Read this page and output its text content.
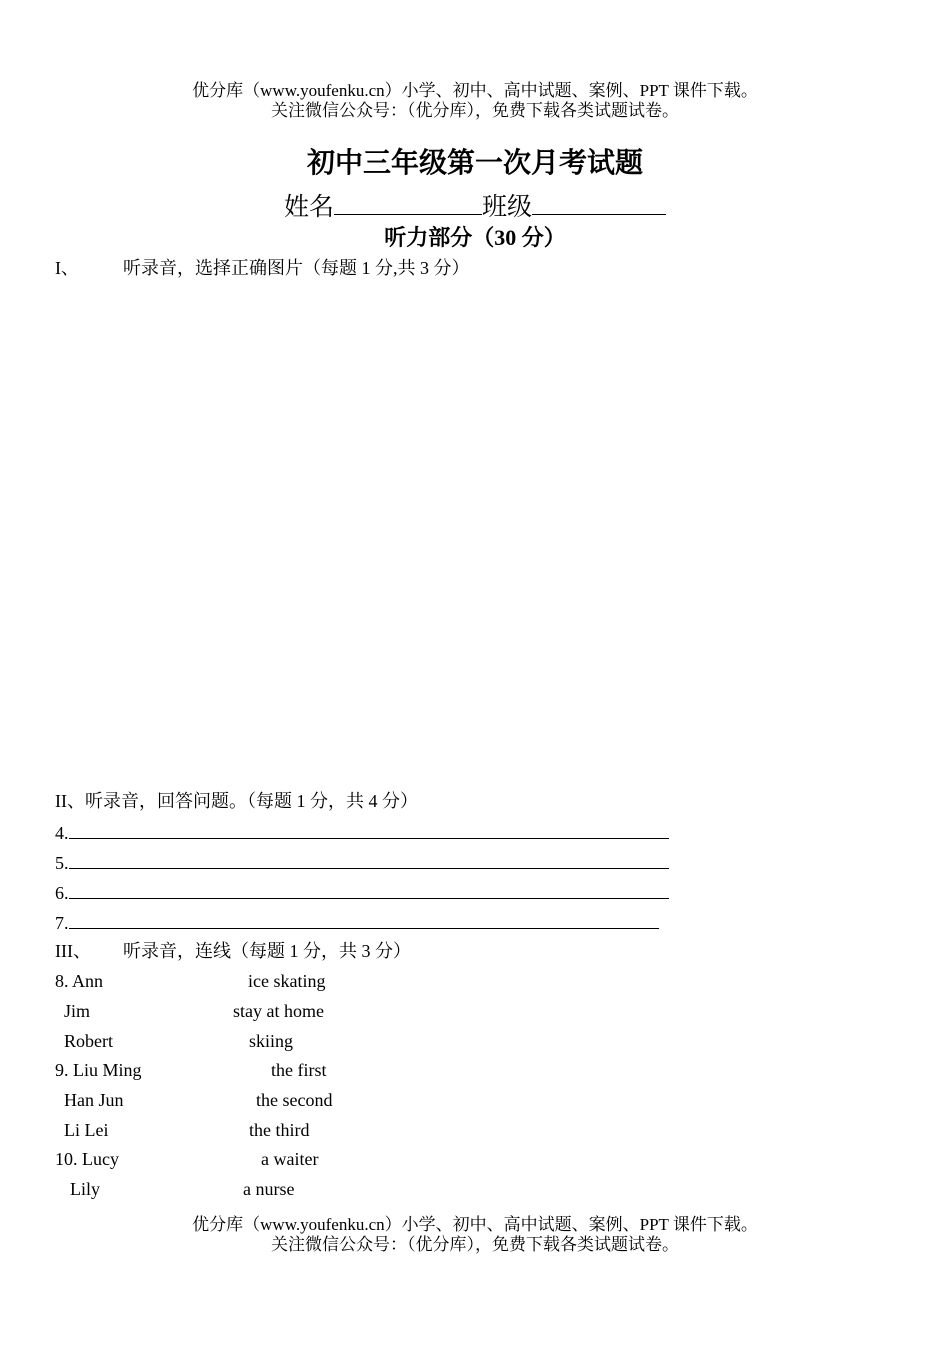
优分库（www.youfenku.cn）小学、初中、高中试题、案例、PPT 课件下载。
关注微信公众号：（优分库），免费下载各类试题试卷。
初中三年级第一次月考试题
姓名	班级
听力部分（30 分）
I、 听录音，选择正确图片（每题 1 分,共 3 分）
II、听录音，回答问题。（每题 1 分，共 4 分）
4.
5.
6.
7.
III、 听录音，连线（每题 1 分，共 3 分）
8. Ann	ice skating
Jim	stay at home
Robert	skiing
9. Liu Ming	the first
Han Jun	the second
Li Lei	the third
10. Lucy	a waiter
Lily	a nurse
优分库（www.youfenku.cn）小学、初中、高中试题、案例、PPT 课件下载。
关注微信公众号：（优分库），免费下载各类试题试卷。
